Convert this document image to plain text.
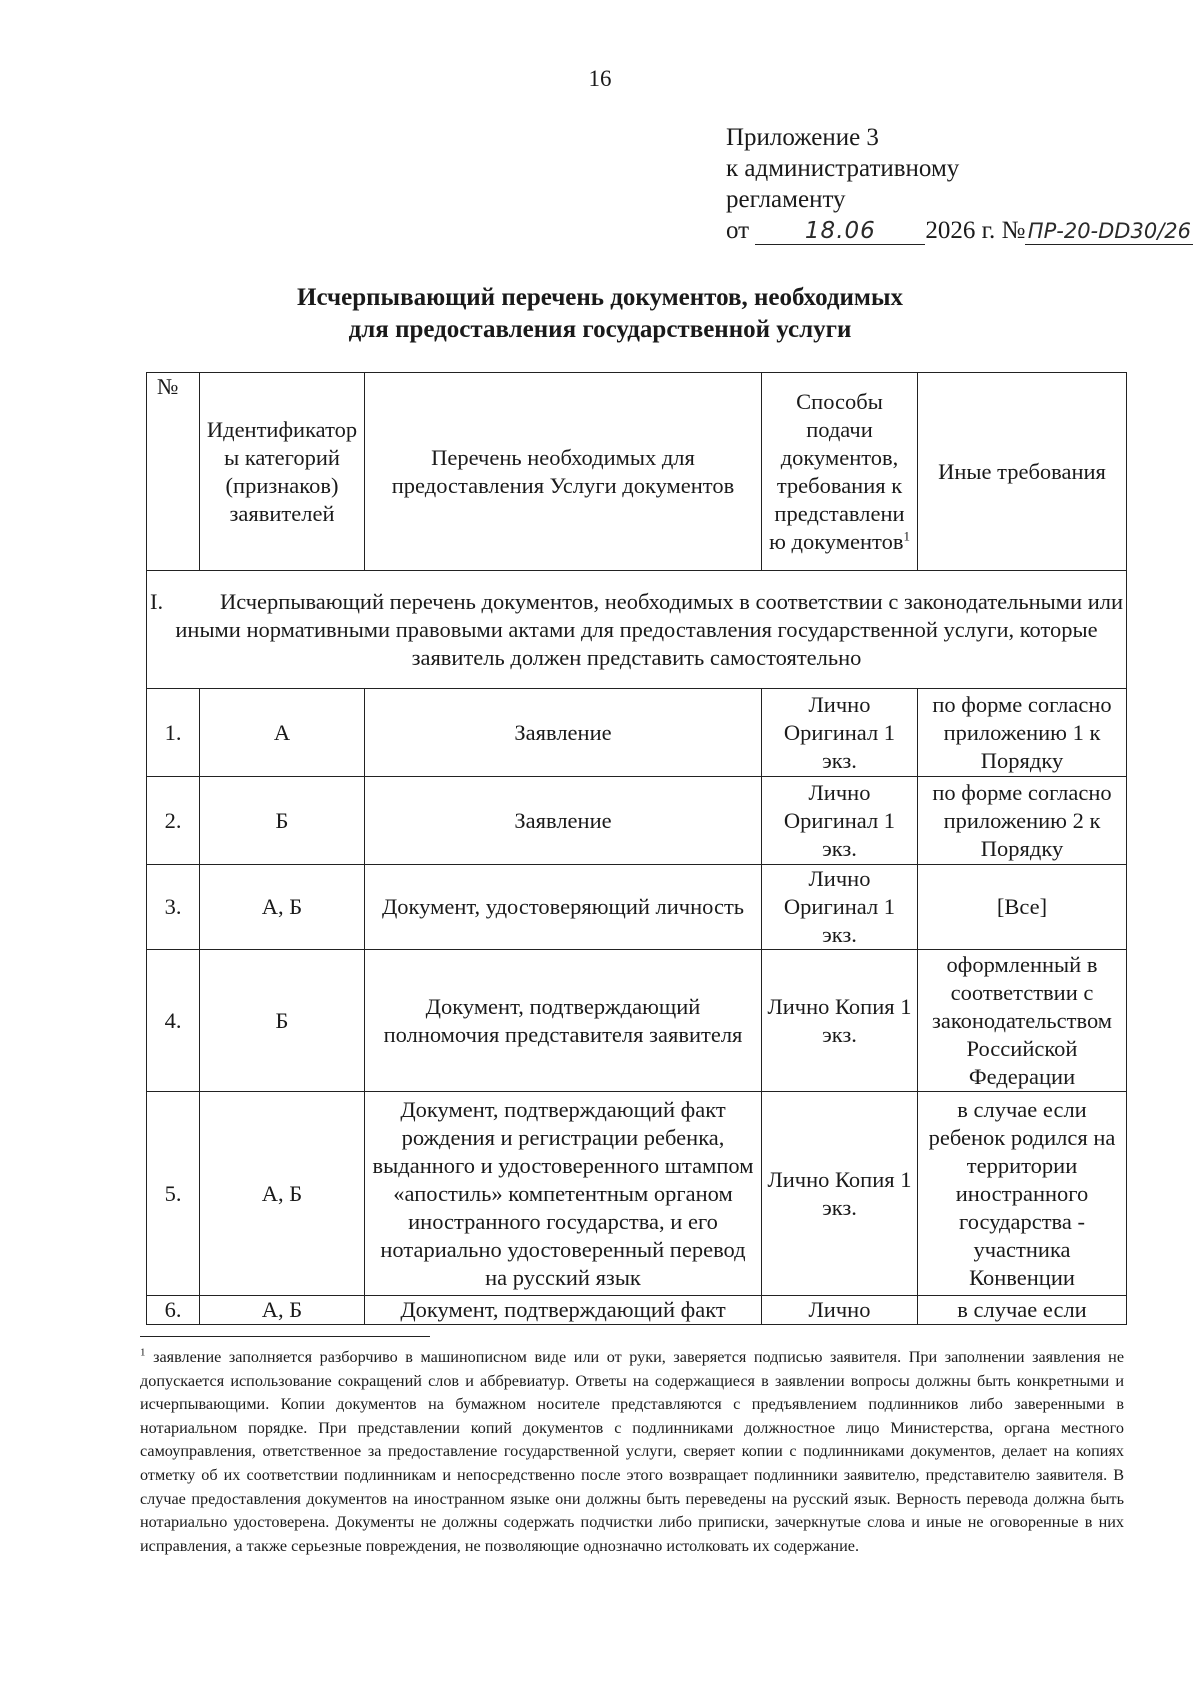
16
Приложение 3
к административному
регламенту
от 18.06 2026 г. № ПР-20-DD30/26
Исчерпывающий перечень документов, необходимых
для предоставления государственной услуги
№	Идентификатор ы категорий (признаков) заявителей	Перечень необходимых для предоставления Услуги документов	Способы подачи документов, требования к представлени ю документов$^1$	Иные требования

I. Исчерпывающий перечень документов, необходимых в соответствии с законодательными или иными нормативными правовыми актами для предоставления государственной услуги, которые заявитель должен представить самостоятельно				

1.	А	Заявление	Лично Оригинал 1 экз.	по форме согласно приложению 1 к Порядку
2.	Б	Заявление	Лично Оригинал 1 экз.	по форме согласно приложению 2 к Порядку
3.	А, Б	Документ, удостоверяющий личность	Лично Оригинал 1 экз.	[Все]
4.	Б	Документ, подтверждающий полномочия представителя заявителя	Лично Копия 1 экз.	оформленный в соответствии с законодательством Российской Федерации
5.	А, Б	Документ, подтверждающий факт рождения и регистрации ребенка, выданного и удостоверенного штампом «апостиль» компетентным органом иностранного государства, и его нотариально удостоверенный перевод на русский язык	Лично Копия 1 экз.	в случае если ребенок родился на территории иностранного государства - участника Конвенции
6.	А, Б	Документ, подтверждающий факт	Лично	в случае если
$^1$ заявление заполняется разборчиво в машинописном виде или от руки, заверяется подписью заявителя. При заполнении заявления не допускается использование сокращений слов и аббревиатур. Ответы на содержащиеся в заявлении вопросы должны быть конкретными и исчерпывающими. Копии документов на бумажном носителе представляются с предъявлением подлинников либо заверенными в нотариальном порядке. При представлении копий документов с подлинниками должностное лицо Министерства, органа местного самоуправления, ответственное за предоставление государственной услуги, сверяет копии с подлинниками документов, делает на копиях отметку об их соответствии подлинникам и непосредственно после этого возвращает подлинники заявителю, представителю заявителя. В случае предоставления документов на иностранном языке они должны быть переведены на русский язык. Верность перевода должна быть нотариально удостоверена. Документы не должны содержать подчистки либо приписки, зачеркнутые слова и иные не оговоренные в них исправления, а также серьезные повреждения, не позволяющие однозначно истолковать их содержание.
